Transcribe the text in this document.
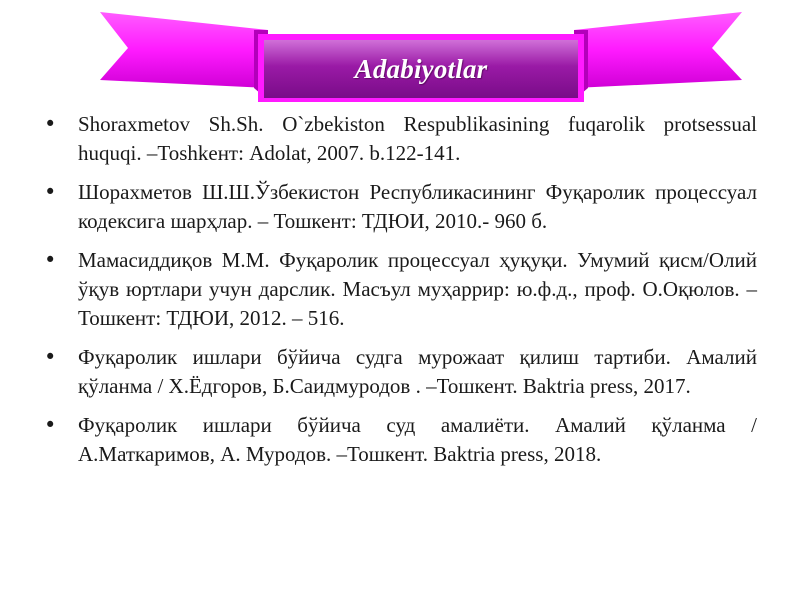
Adabiyotlar
• Shoraxmetov Sh.Sh. O`zbekiston Respublikasining fuqarolik protsessual huquqi. –Toshkeнт: Adolat, 2007. b.122-141.
• Шорахметов Ш.Ш.Ўзбекистон Республикасининг Фуқаролик процессуал кодексига шарҳлар. – Тошкент: ТДЮИ, 2010.- 960 б.
• Мамасиддиқов М.М. Фуқаролик процессуал ҳуқуқи. Умумий қисм/Олий ўқув юртлари учун дарслик. Масъул муҳаррир: ю.ф.д., проф. О.Оқюлов. – Тошкент: ТДЮИ, 2012. – 516.
• Фуқаролик ишлари бўйича судга мурожаат қилиш тартиби. Амалий қўланма / Х.Ёдгоров, Б.Саидмуродов . –Тошкент. Baktria press, 2017.
• Фуқаролик ишлари бўйича суд амалиёти. Амалий қўланма / А.Маткаримов, А. Муродов. –Тошкент. Baktria press, 2018.
